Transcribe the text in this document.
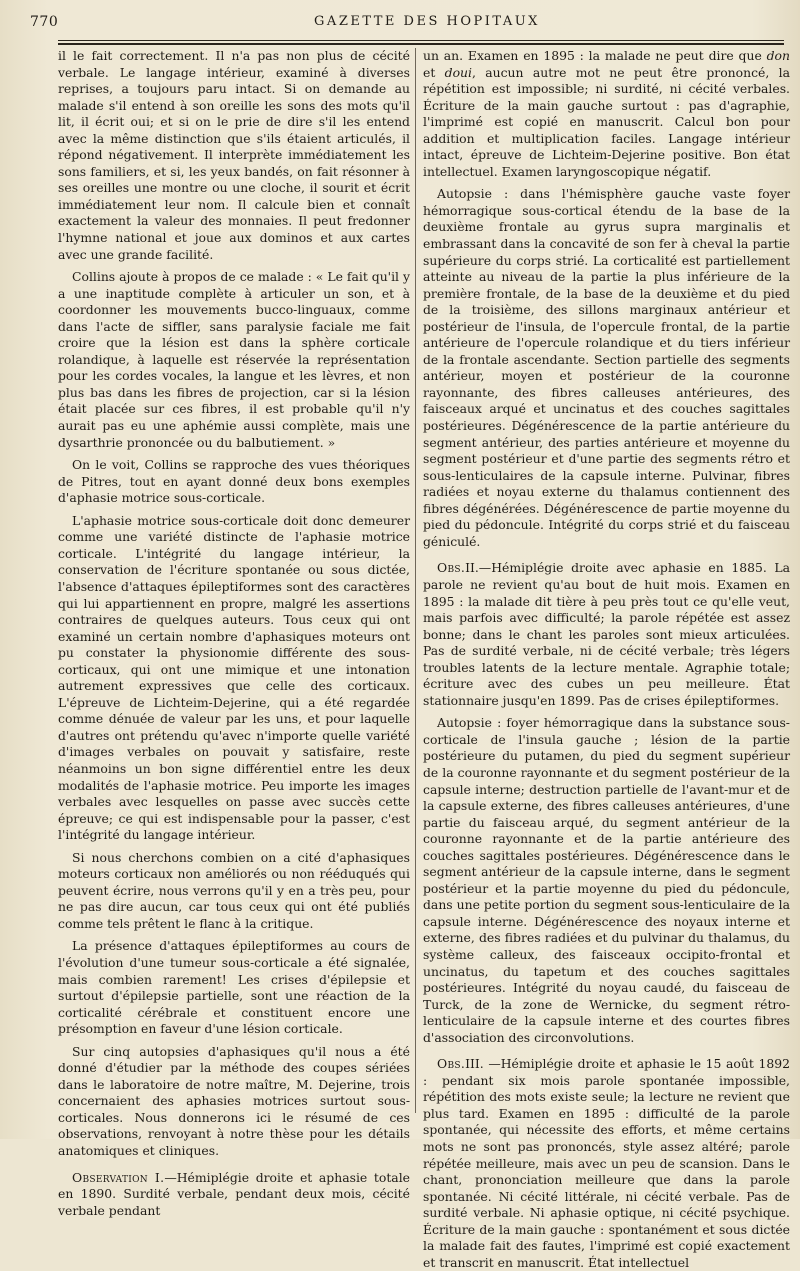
770	GAZETTE DES HOPITAUX

il le fait correctement. Il n'a pas non plus de cécité verbale. Le langage intérieur, examiné à diverses reprises, a toujours paru intact. Si on demande au malade s'il entend à son oreille les sons des mots qu'il lit, il écrit oui; et si on le prie de dire s'il les entend avec la même distinction que s'ils étaient articulés, il répond négativement. Il interprète immédiatement les sons familiers, et si, les yeux bandés, on fait résonner à ses oreilles une montre ou une cloche, il sourit et écrit immédiatement leur nom. Il calcule bien et connaît exactement la valeur des monnaies. Il peut fredonner l'hymne national et joue aux dominos et aux cartes avec une grande facilité.

Collins ajoute à propos de ce malade : « Le fait qu'il y a une inaptitude complète à articuler un son, et à coordonner les mouvements bucco-linguaux, comme dans l'acte de siffler, sans paralysie faciale me fait croire que la lésion est dans la sphère corticale rolandique, à laquelle est réservée la représentation pour les cordes vocales, la langue et les lèvres, et non plus bas dans les fibres de projection, car si la lésion était placée sur ces fibres, il est probable qu'il n'y aurait pas eu une aphémie aussi complète, mais une dysarthrie prononcée ou du balbutiement. »

On le voit, Collins se rapproche des vues théoriques de Pitres, tout en ayant donné deux bons exemples d'aphasie motrice sous-corticale.

L'aphasie motrice sous-corticale doit donc demeurer comme une variété distincte de l'aphasie motrice corticale. L'intégrité du langage intérieur, la conservation de l'écriture spontanée ou sous dictée, l'absence d'attaques épileptiformes sont des caractères qui lui appartiennent en propre, malgré les assertions contraires de quelques auteurs. Tous ceux qui ont examiné un certain nombre d'aphasiques moteurs ont pu constater la physionomie différente des sous-corticaux, qui ont une mimique et une intonation autrement expressives que celle des corticaux. L'épreuve de Lichteim-Dejerine, qui a été regardée comme dénuée de valeur par les uns, et pour laquelle d'autres ont prétendu qu'avec n'importe quelle variété d'images verbales on pouvait y satisfaire, reste néanmoins un bon signe différentiel entre les deux modalités de l'aphasie motrice. Peu importe les images verbales avec lesquelles on passe avec succès cette épreuve; ce qui est indispensable pour la passer, c'est l'intégrité du langage intérieur.

Si nous cherchons combien on a cité d'aphasiques moteurs corticaux non améliorés ou non rééduqués qui peuvent écrire, nous verrons qu'il y en a très peu, pour ne pas dire aucun, car tous ceux qui ont été publiés comme tels prêtent le flanc à la critique.

La présence d'attaques épileptiformes au cours de l'évolution d'une tumeur sous-corticale a été signalée, mais combien rarement! Les crises d'épilepsie et surtout d'épilepsie partielle, sont une réaction de la corticalité cérébrale et constituent encore une présomption en faveur d'une lésion corticale.

Sur cinq autopsies d'aphasiques qu'il nous a été donné d'étudier par la méthode des coupes sériées dans le laboratoire de notre maître, M. Dejerine, trois concernaient des aphasies motrices surtout sous-corticales. Nous donnerons ici le résumé de ces observations, renvoyant à notre thèse pour les détails anatomiques et cliniques.

Observation I.—Hémiplégie droite et aphasie totale en 1890. Surdité verbale, pendant deux mois, cécité verbale pendant

un an. Examen en 1895 : la malade ne peut dire que don et doui, aucun autre mot ne peut être prononcé, la répétition est impossible; ni surdité, ni cécité verbales. Écriture de la main gauche surtout : pas d'agraphie, l'imprimé est copié en manuscrit. Calcul bon pour addition et multiplication faciles. Langage intérieur intact, épreuve de Lichteim-Dejerine positive. Bon état intellectuel. Examen laryngoscopique négatif.

Autopsie : dans l'hémisphère gauche vaste foyer hémorragique sous-cortical étendu de la base de la deuxième frontale au gyrus supra marginalis et embrassant dans la concavité de son fer à cheval la partie supérieure du corps strié. La corticalité est partiellement atteinte au niveau de la partie la plus inférieure de la première frontale, de la base de la deuxième et du pied de la troisième, des sillons marginaux antérieur et postérieur de l'insula, de l'opercule frontal, de la partie antérieure de l'opercule rolandique et du tiers inférieur de la frontale ascendante. Section partielle des segments antérieur, moyen et postérieur de la couronne rayonnante, des fibres calleuses antérieures, des faisceaux arqué et uncinatus et des couches sagittales postérieures. Dégénérescence de la partie antérieure du segment antérieur, des parties antérieure et moyenne du segment postérieur et d'une partie des segments rétro et sous-lenticulaires de la capsule interne. Pulvinar, fibres radiées et noyau externe du thalamus contiennent des fibres dégénérées. Dégénérescence de partie moyenne du pied du pédoncule. Intégrité du corps strié et du faisceau géniculé.

Obs.II.—Hémiplégie droite avec aphasie en 1885. La parole ne revient qu'au bout de huit mois. Examen en 1895 : la malade dit tière à peu près tout ce qu'elle veut, mais parfois avec difficulté; la parole répétée est assez bonne; dans le chant les paroles sont mieux articulées. Pas de surdité verbale, ni de cécité verbale; très légers troubles latents de la lecture mentale. Agraphie totale; écriture avec des cubes un peu meilleure. État stationnaire jusqu'en 1899. Pas de crises épileptiformes.

Autopsie : foyer hémorragique dans la substance sous-corticale de l'insula gauche ; lésion de la partie postérieure du putamen, du pied du segment supérieur de la couronne rayonnante et du segment postérieur de la capsule interne; destruction partielle de l'avant-mur et de la capsule externe, des fibres calleuses antérieures, d'une partie du faisceau arqué, du segment antérieur de la couronne rayonnante et de la partie antérieure des couches sagittales postérieures. Dégénérescence dans le segment antérieur de la capsule interne, dans le segment postérieur et la partie moyenne du pied du pédoncule, dans une petite portion du segment sous-lenticulaire de la capsule interne. Dégénérescence des noyaux interne et externe, des fibres radiées et du pulvinar du thalamus, du système calleux, des faisceaux occipito-frontal et uncinatus, du tapetum et des couches sagittales postérieures. Intégrité du noyau caudé, du faisceau de Turck, de la zone de Wernicke, du segment rétro-lenticulaire de la capsule interne et des courtes fibres d'association des circonvolutions.

Obs.III. —Hémiplégie droite et aphasie le 15 août 1892 : pendant six mois parole spontanée impossible, répétition des mots existe seule; la lecture ne revient que plus tard. Examen en 1895 : difficulté de la parole spontanée, qui nécessite des efforts, et même certains mots ne sont pas prononcés, style assez altéré; parole répétée meilleure, mais avec un peu de scansion. Dans le chant, prononciation meilleure que dans la parole spontanée. Ni cécité littérale, ni cécité verbale. Pas de surdité verbale. Ni aphasie optique, ni cécité psychique. Écriture de la main gauche : spontanément et sous dictée la malade fait des fautes, l'imprimé est copié exactement et transcrit en manuscrit. État intellectuel
